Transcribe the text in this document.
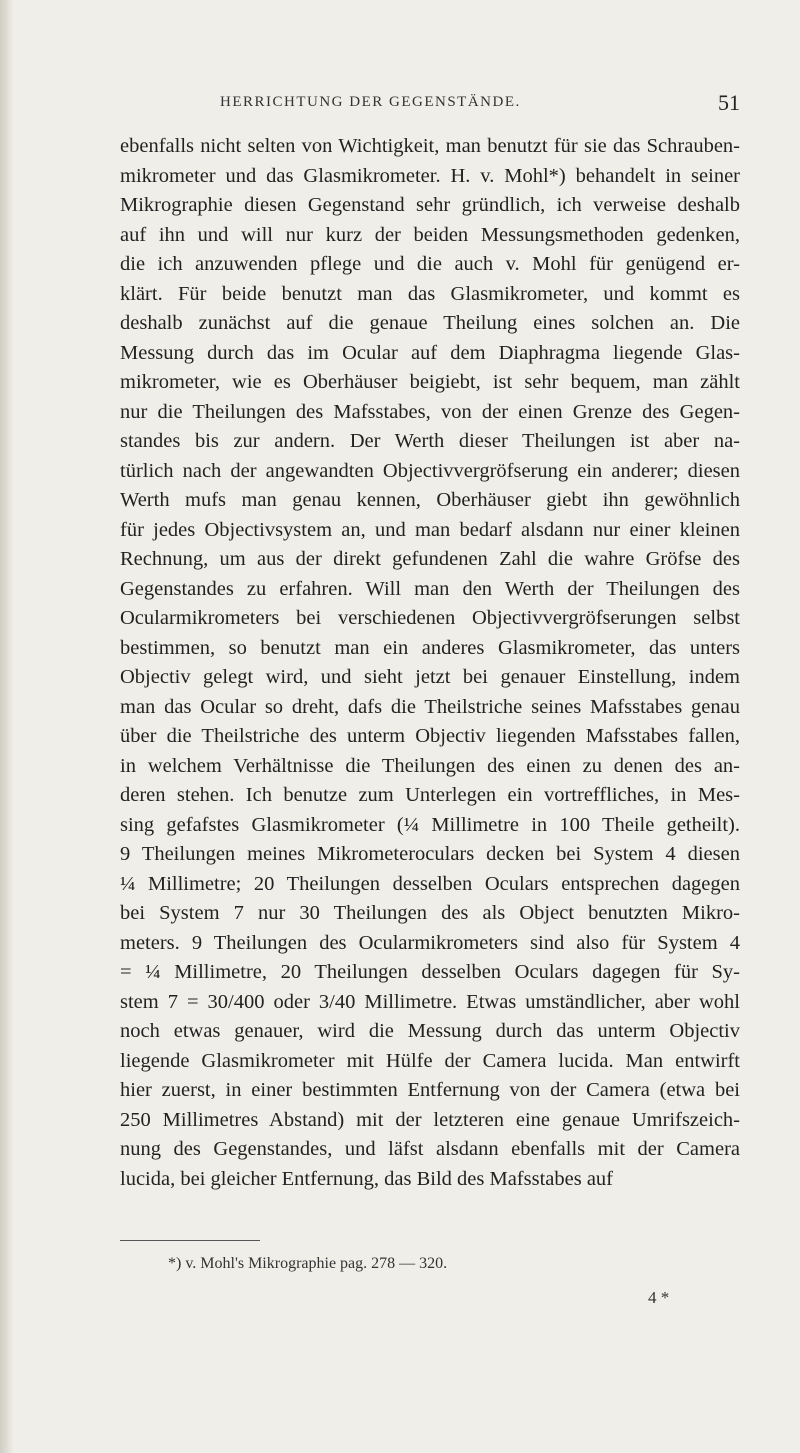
HERRICHTUNG DER GEGENSTÄNDE.	51
ebenfalls nicht selten von Wichtigkeit, man benutzt für sie das Schrauben-
mikrometer und das Glasmikrometer. H. v. Mohl*) behandelt in seiner
Mikrographie diesen Gegenstand sehr gründlich, ich verweise deshalb
auf ihn und will nur kurz der beiden Messungsmethoden gedenken,
die ich anzuwenden pflege und die auch v. Mohl für genügend er-
klärt. Für beide benutzt man das Glasmikrometer, und kommt es
deshalb zunächst auf die genaue Theilung eines solchen an. Die
Messung durch das im Ocular auf dem Diaphragma liegende Glas-
mikrometer, wie es Oberhäuser beigiebt, ist sehr bequem, man zählt
nur die Theilungen des Mafsstabes, von der einen Grenze des Gegen-
standes bis zur andern. Der Werth dieser Theilungen ist aber na-
türlich nach der angewandten Objectivvergröfserung ein anderer; diesen
Werth mufs man genau kennen, Oberhäuser giebt ihn gewöhnlich
für jedes Objectivsystem an, und man bedarf alsdann nur einer kleinen
Rechnung, um aus der direkt gefundenen Zahl die wahre Gröfse des
Gegenstandes zu erfahren. Will man den Werth der Theilungen des
Ocularmikrometers bei verschiedenen Objectivvergröfserungen selbst
bestimmen, so benutzt man ein anderes Glasmikrometer, das unters
Objectiv gelegt wird, und sieht jetzt bei genauer Einstellung, indem
man das Ocular so dreht, dafs die Theilstriche seines Mafsstabes genau
über die Theilstriche des unterm Objectiv liegenden Mafsstabes fallen,
in welchem Verhältnisse die Theilungen des einen zu denen des an-
deren stehen. Ich benutze zum Unterlegen ein vortreffliches, in Mes-
sing gefafstes Glasmikrometer (¼ Millimetre in 100 Theile getheilt).
9 Theilungen meines Mikrometeroculars decken bei System 4 diesen
¼ Millimetre; 20 Theilungen desselben Oculars entsprechen dagegen
bei System 7 nur 30 Theilungen des als Object benutzten Mikro-
meters. 9 Theilungen des Ocularmikrometers sind also für System 4
= ¼ Millimetre, 20 Theilungen desselben Oculars dagegen für Sy-
stem 7 = 30/400 oder 3/40 Millimetre. Etwas umständlicher, aber wohl
noch etwas genauer, wird die Messung durch das unterm Objectiv
liegende Glasmikrometer mit Hülfe der Camera lucida. Man entwirft
hier zuerst, in einer bestimmten Entfernung von der Camera (etwa bei
250 Millimetres Abstand) mit der letzteren eine genaue Umrifszeich-
nung des Gegenstandes, und läfst alsdann ebenfalls mit der Camera
lucida, bei gleicher Entfernung, das Bild des Mafsstabes auf
*) v. Mohl's Mikrographie pag. 278 — 320.
4 *
